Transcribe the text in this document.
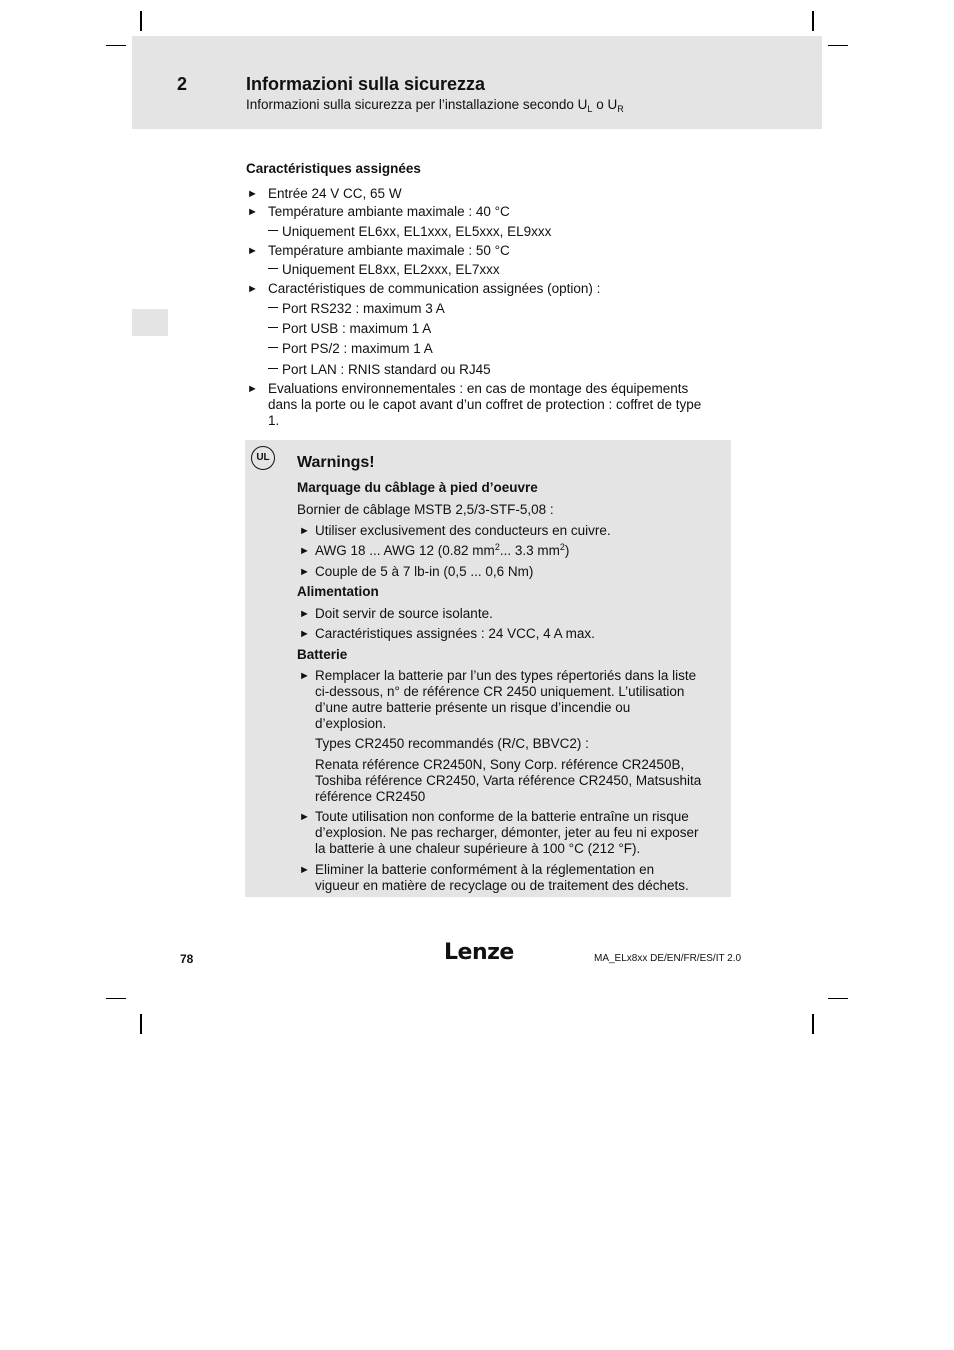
2	Informazioni sulla sicurezza
Informazioni sulla sicurezza per l’installazione secondo $U_L$ o $U_R$
Caractéristiques assignées
► Entrée 24 V CC, 65 W
► Température ambiante maximale : 40 °C
Uniquement EL6xx, EL1xxx, EL5xxx, EL9xxx
► Température ambiante maximale : 50 °C
Uniquement EL8xx, EL2xxx, EL7xxx
► Caractéristiques de communication assignées (option) :
Port RS232 : maximum 3 A
Port USB : maximum 1 A
Port PS/2 : maximum 1 A
Port LAN : RNIS standard ou RJ45
► Evaluations environnementales : en cas de montage des équipements
dans la porte ou le capot avant d’un coffret de protection : coffret de type
1.
UL	Warnings!
Marquage du câblage à pied d’oeuvre
Bornier de câblage MSTB 2,5/3-STF-5,08 :
► Utiliser exclusivement des conducteurs en cuivre.
► AWG 18 ... AWG 12 (0.82 $mm^2$... 3.3 $mm^2$)
► Couple de 5 à 7 lb-in (0,5 ... 0,6 Nm)
Alimentation
► Doit servir de source isolante.
► Caractéristiques assignées : 24 VCC, 4 A max.
Batterie
► Remplacer la batterie par l’un des types répertoriés dans la liste
ci-dessous, n° de référence CR 2450 uniquement. L’utilisation
d’une autre batterie présente un risque d’incendie ou
d’explosion.
Types CR2450 recommandés (R/C, BBVC2) :
Renata référence CR2450N, Sony Corp. référence CR2450B,
Toshiba référence CR2450, Varta référence CR2450, Matsushita
référence CR2450
► Toute utilisation non conforme de la batterie entraîne un risque
d’explosion. Ne pas recharger, démonter, jeter au feu ni exposer
la batterie à une chaleur supérieure à 100 °C (212 °F).
► Eliminer la batterie conformément à la réglementation en
vigueur en matière de recyclage ou de traitement des déchets.
78	Lenze	MA_ELx8xx DE/EN/FR/ES/IT 2.0
